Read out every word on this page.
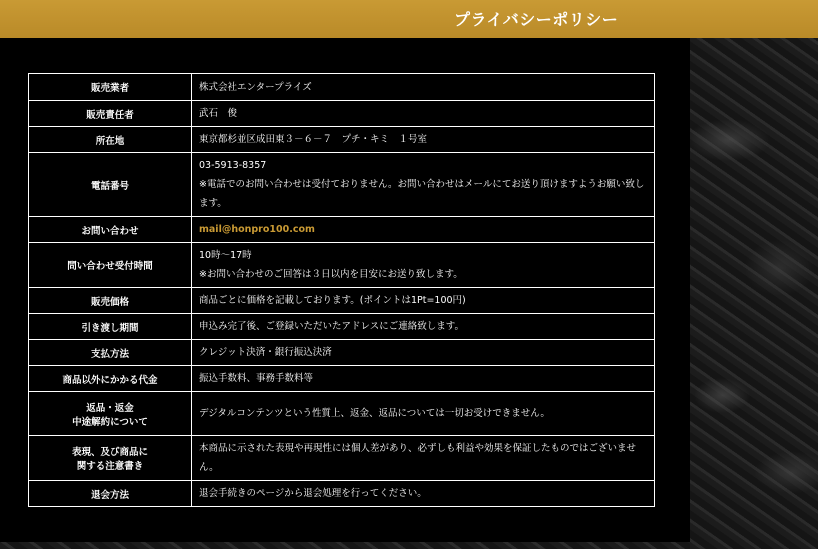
プライバシーポリシー
販売業者	株式会社エンタープライズ

販売責任者	武石　俊

所在地	東京都杉並区成田東３－６－７　プチ・キミ　１号室

電話番号	03-5913-8357
※電話でのお問い合わせは受付ておりません。お問い合わせはメールにてお送り頂けますようお願い致します。

お問い合わせ	mail@honpro100.com

問い合わせ受付時間	10時～17時
※お問い合わせのご回答は３日以内を目安にお送り致します。

販売価格	商品ごとに価格を記載しております。(ポイントは1Pt=100円)

引き渡し期間	申込み完了後、ご登録いただいたアドレスにご連絡致します。

支払方法	クレジット決済・銀行振込決済

商品以外にかかる代金	振込手数料、事務手数料等

返品・返金
中途解約について	デジタルコンテンツという性質上、返金、返品については一切お受けできません。

表現、及び商品に
関する注意書き	本商品に示された表現や再現性には個人差があり、必ずしも利益や効果を保証したものではございません。

退会方法	退会手続きのページから退会処理を行ってください。
